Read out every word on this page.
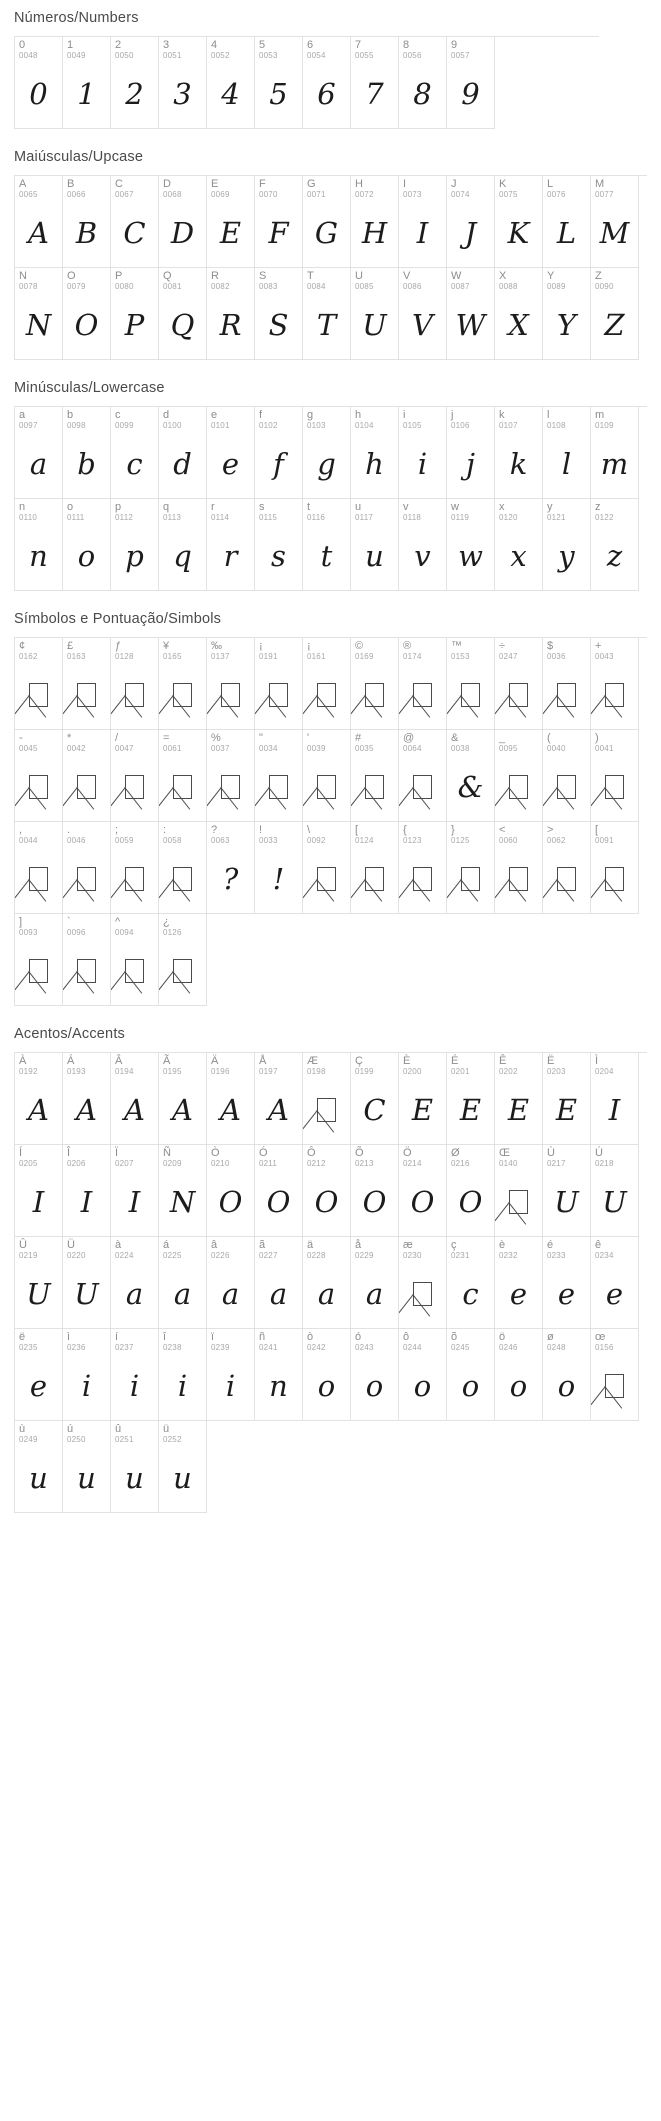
Números/Numbers
0
0048
0
1
0049
1
2
0050
2
3
0051
3
4
0052
4
5
0053
5
6
0054
6
7
0055
7
8
0056
8
9
0057
9
Maiúsculas/Upcase
A
0065
A
B
0066
B
C
0067
C
D
0068
D
E
0069
E
F
0070
F
G
0071
G
H
0072
H
I
0073
I
J
0074
J
K
0075
K
L
0076
L
M
0077
M
N
0078
N
O
0079
O
P
0080
P
Q
0081
Q
R
0082
R
S
0083
S
T
0084
T
U
0085
U
V
0086
V
W
0087
W
X
0088
X
Y
0089
Y
Z
0090
Z
Minúsculas/Lowercase
a
0097
a
b
0098
b
c
0099
c
d
0100
d
e
0101
e
f
0102
f
g
0103
g
h
0104
h
i
0105
i
j
0106
j
k
0107
k
l
0108
l
m
0109
m
n
0110
n
o
0111
o
p
0112
p
q
0113
q
r
0114
r
s
0115
s
t
0116
t
u
0117
u
v
0118
v
w
0119
w
x
0120
x
y
0121
y
z
0122
z
Símbolos e Pontuação/Simbols
¢
0162
£
0163
ƒ
0128
¥
0165
‰
0137
¡
0191
¡
0161
©
0169
®
0174
™
0153
÷
0247
$
0036
+
0043
-
0045
*
0042
/
0047
=
0061
%
0037
"
0034
'
0039
#
0035
@
0064
&
0038
&
_
0095
(
0040
)
0041
,
0044
.
0046
;
0059
:
0058
?
0063
?
!
0033
!
\
0092
[
0124
{
0123
}
0125
<
0060
>
0062
[
0091
]
0093
`
0096
^
0094
¿
0126
Acentos/Accents
À
0192
A
Á
0193
A
Â
0194
A
Ã
0195
A
Ä
0196
A
Å
0197
A
Æ
0198
Ç
0199
C
È
0200
E
É
0201
E
Ê
0202
E
Ë
0203
E
Ì
0204
I
Í
0205
I
Î
0206
I
Ï
0207
I
Ñ
0209
N
Ò
0210
O
Ó
0211
O
Ô
0212
O
Õ
0213
O
Ö
0214
O
Ø
0216
O
Œ
0140
Ù
0217
U
Ú
0218
U
Û
0219
U
Ü
0220
U
à
0224
a
á
0225
a
â
0226
a
ã
0227
a
ä
0228
a
å
0229
a
æ
0230
ç
0231
c
è
0232
e
é
0233
e
ê
0234
e
ë
0235
e
ì
0236
i
í
0237
i
î
0238
i
ï
0239
i
ñ
0241
n
ò
0242
o
ó
0243
o
ô
0244
o
õ
0245
o
ö
0246
o
ø
0248
o
œ
0156
ù
0249
u
ú
0250
u
û
0251
u
ü
0252
u
